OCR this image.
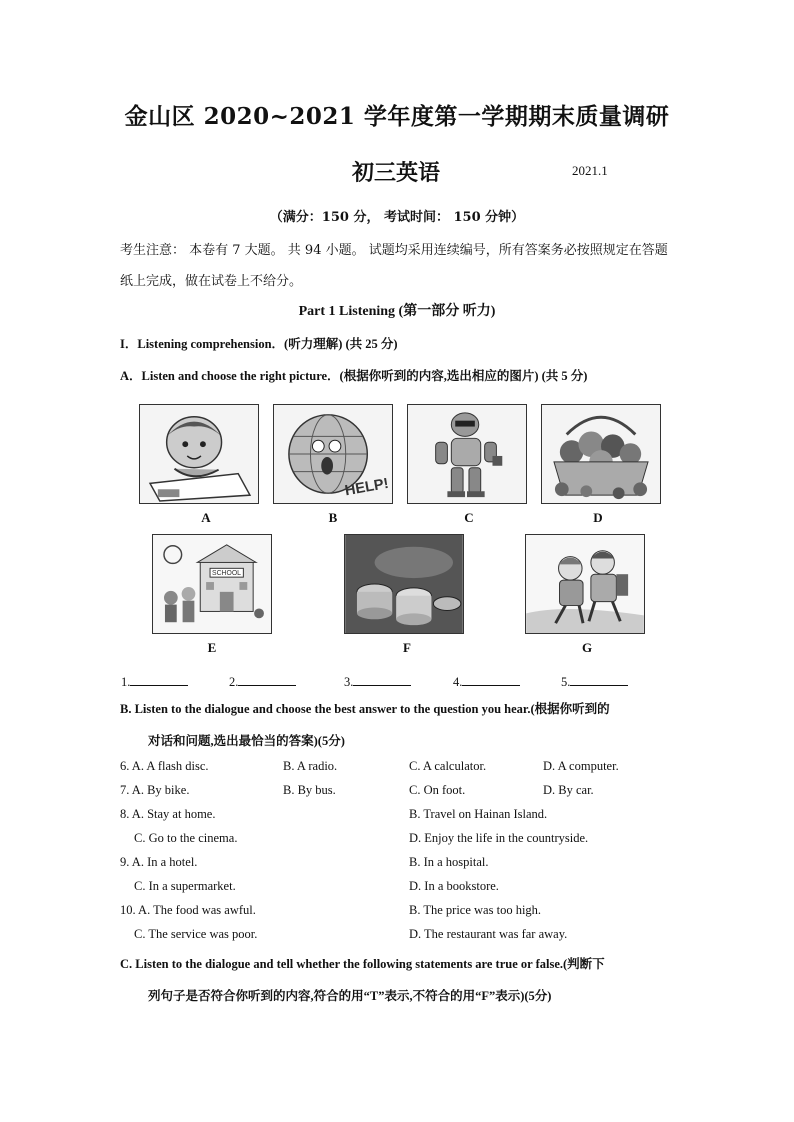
金山区 2020~2021 学年度第一学期期末质量调研
初三英语	2021.1
（满分：150 分， 考试时间： 150 分钟）
考生注意： 本卷有 7 大题。 共 94 小题。 试题均采用连续编号，所有答案务必按照规定在答题纸上完成，做在试卷上不给分。
Part 1 Listening (第一部分 听力)
I．Listening comprehension．(听力理解) (共 25 分)
A．Listen and choose the right picture．(根据你听到的内容,选出相应的图片) (共 5 分)
HELP!
A	B	C	D
SCHOOL
E	F	G
1.	2.	3.	4.	5.
B. Listen to the dialogue and choose the best answer to the question you hear.(根据你听到的
对话和问题,选出最恰当的答案)(5分)
6. A. A flash disc.	B. A radio.	C. A calculator.	D. A computer.
7. A. By bike.	B. By bus.	C. On foot.	D. By car.
8. A. Stay at home.	B. Travel on Hainan Island.
C. Go to the cinema.	D. Enjoy the life in the countryside.
9. A. In a hotel.	B. In a hospital.
C. In a supermarket.	D. In a bookstore.
10. A. The food was awful.	B. The price was too high.
C. The service was poor.	D. The restaurant was far away.
C. Listen to the dialogue and tell whether the following statements are true or false.(判断下
列句子是否符合你听到的内容,符合的用“T”表示,不符合的用“F”表示)(5分)
